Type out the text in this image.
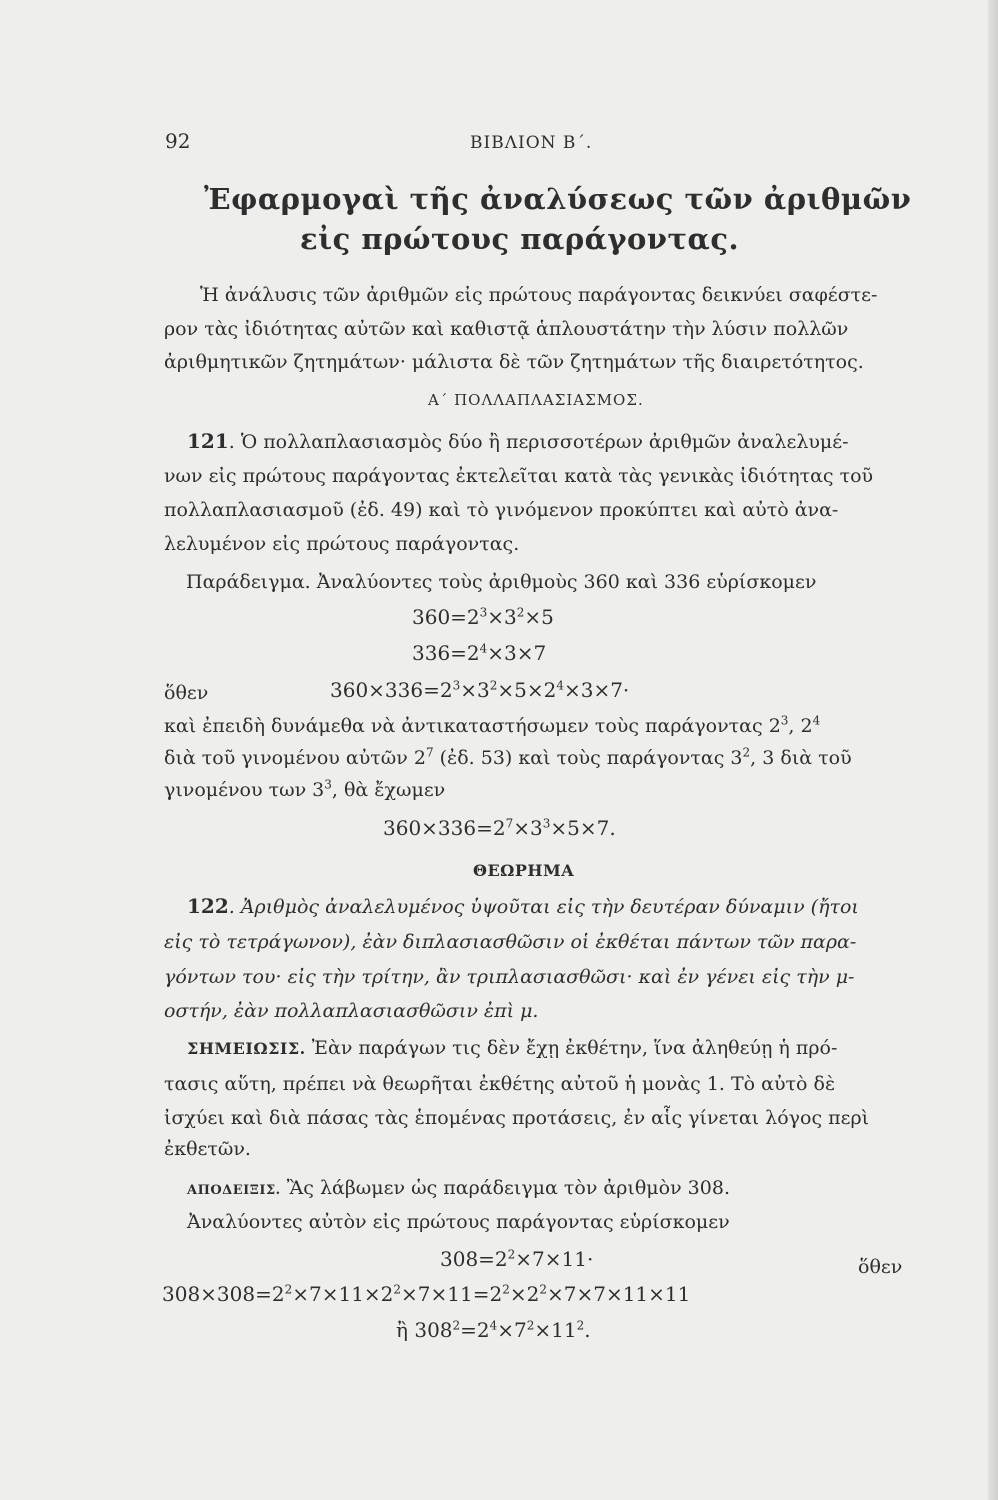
92	ΒΙΒΛΙΟΝ Β΄.
Ἐφαρμογαὶ τῆς ἀναλύσεως τῶν ἀριθμῶν
εἰς πρώτους παράγοντας.
Ἡ ἀνάλυσις τῶν ἀριθμῶν εἰς πρώτους παράγοντας δεικνύει σαφέστε-
ρον τὰς ἰδιότητας αὐτῶν καὶ καθιστᾷ ἁπλουστάτην τὴν λύσιν πολλῶν
ἀριθμητικῶν ζητημάτων· μάλιστα δὲ τῶν ζητημάτων τῆς διαιρετότητος.
Α΄ ΠΟΛΛΑΠΛΑΣΙΑΣΜΟΣ.
121. Ὁ πολλαπλασιασμὸς δύο ἢ περισσοτέρων ἀριθμῶν ἀναλελυμέ-
νων εἰς πρώτους παράγοντας ἐκτελεῖται κατὰ τὰς γενικὰς ἰδιότητας τοῦ
πολλαπλασιασμοῦ (ἐδ. 49) καὶ τὸ γινόμενον προκύπτει καὶ αὐτὸ ἀνα-
λελυμένον εἰς πρώτους παράγοντας.
Παράδειγμα. Ἀναλύοντες τοὺς ἀριθμοὺς 360 καὶ 336 εὑρίσκομεν
$360=2^3\times 3^2\times 5$
$336=2^4\times 3\times 7$
ὅθεν	$360\times 336=2^3\times 3^2\times 5\times 2^4\times 3\times 7\cdot$
καὶ ἐπειδὴ δυνάμεθα νὰ ἀντικαταστήσωμεν τοὺς παράγοντας $2^3$, $2^4$
διὰ τοῦ γινομένου αὐτῶν $2^7$ (ἐδ. 53) καὶ τοὺς παράγοντας $3^2$, 3 διὰ τοῦ
γινομένου των $3^3$, θὰ ἔχωμεν
$360\times 336=2^7\times 3^3\times 5\times 7$.
ΘΕΩΡΗΜΑ
122. Ἀριθμὸς ἀναλελυμένος ὑψοῦται εἰς τὴν δευτέραν δύναμιν (ἤτοι
εἰς τὸ τετράγωνον), ἐὰν διπλασιασθῶσιν οἱ ἐκθέται πάντων τῶν παρα-
γόντων του· εἰς τὴν τρίτην, ἂν τριπλασιασθῶσι· καὶ ἐν γένει εἰς τὴν μ-
οστήν, ἐὰν πολλαπλασιασθῶσιν ἐπὶ μ.
ΣΗΜΕΙΩΣΙΣ. Ἐὰν παράγων τις δὲν ἔχῃ ἐκθέτην, ἵνα ἀληθεύῃ ἡ πρό-
τασις αὕτη, πρέπει νὰ θεωρῆται ἐκθέτης αὐτοῦ ἡ μονὰς 1. Τὸ αὐτὸ δὲ
ἰσχύει καὶ διὰ πάσας τὰς ἑπομένας προτάσεις, ἐν αἷς γίνεται λόγος περὶ
ἐκθετῶν.
ΑΠΟΔΕΙΞΙΣ. Ἂς λάβωμεν ὡς παράδειγμα τὸν ἀριθμὸν 308.
Ἀναλύοντες αὐτὸν εἰς πρώτους παράγοντας εὑρίσκομεν
$308=2^2\times 7\times 11\cdot$	ὅθεν
$308\times 308=2^2\times 7\times 11\times 2^2\times 7\times 11=2^2\times 2^2\times 7\times 7\times 11\times 11$
ἢ $308^2=2^4\times 7^2\times 11^2$.
